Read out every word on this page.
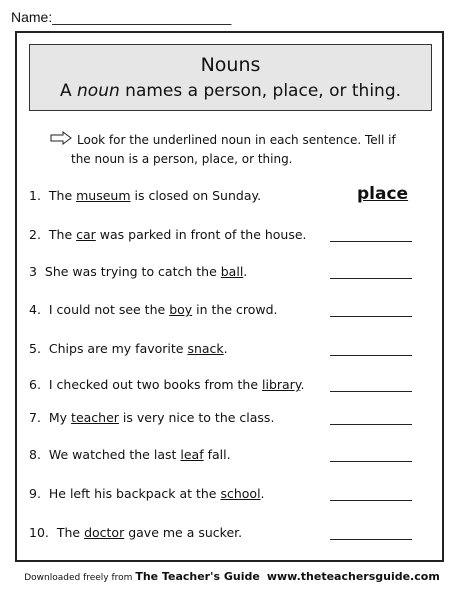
Name:_______________________
Nouns
A noun names a person, place, or thing.
Look for the underlined noun in each sentence. Tell if
the noun is a person, place, or thing.
1. The museum is closed on Sunday.
2. The car was parked in front of the house.
3 She was trying to catch the ball.
4. I could not see the boy in the crowd.
5. Chips are my favorite snack.
6. I checked out two books from the library.
7. My teacher is very nice to the class.
8. We watched the last leaf fall.
9. He left his backpack at the school.
10. The doctor gave me a sucker.
place
Downloaded freely from The Teacher's Guide www.theteachersguide.com
